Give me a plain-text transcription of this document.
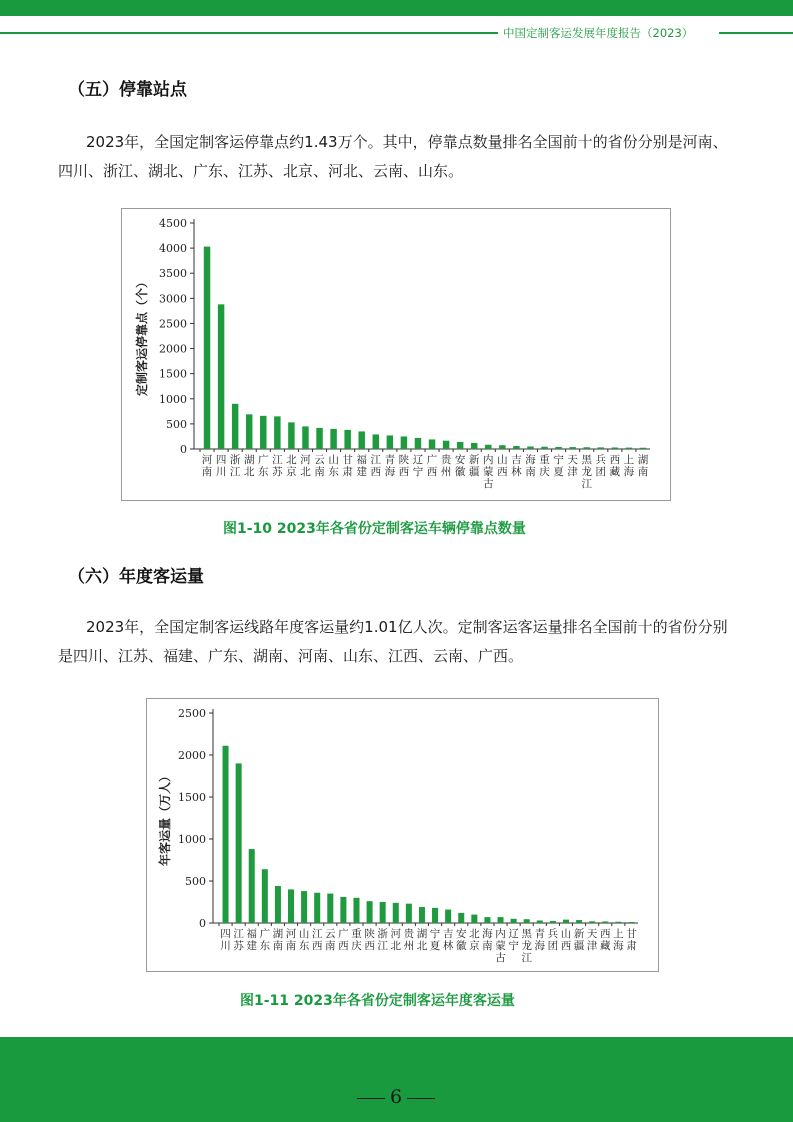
中国定制客运发展年度报告（2023）
（五）停靠站点
2023年，全国定制客运停靠点约1.43万个。其中，停靠点数量排名全国前十的省份分别是河南、四川、浙江、湖北、广东、江苏、北京、河北、云南、山东。
0
500
1000
1500
2000
2500
3000
3500
4000
4500
定制客运停靠点（个）
河南
四川
浙江
湖北
广东
江苏
北京
河北
云南
山东
甘肃
福建
江西
青海
陕西
辽宁
广西
贵州
安徽
新疆
内蒙古
山西
吉林
海南
重庆
宁夏
天津
黑龙江
兵团
西藏
上海
湖南
图1-10 2023年各省份定制客运车辆停靠点数量
（六）年度客运量
2023年，全国定制客运线路年度客运量约1.01亿人次。定制客运客运量排名全国前十的省份分别是四川、江苏、福建、广东、湖南、河南、山东、江西、云南、广西。
0
500
1000
1500
2000
2500
年客运量（万人）
四川
江苏
福建
广东
湖南
河南
山东
江西
云南
广西
重庆
陕西
浙江
河北
贵州
湖北
宁夏
吉林
安徽
北京
海南
内蒙古
辽宁
黑龙江
青海
兵团
山西
新疆
天津
西藏
上海
甘肃
图1-11 2023年各省份定制客运年度客运量
6
